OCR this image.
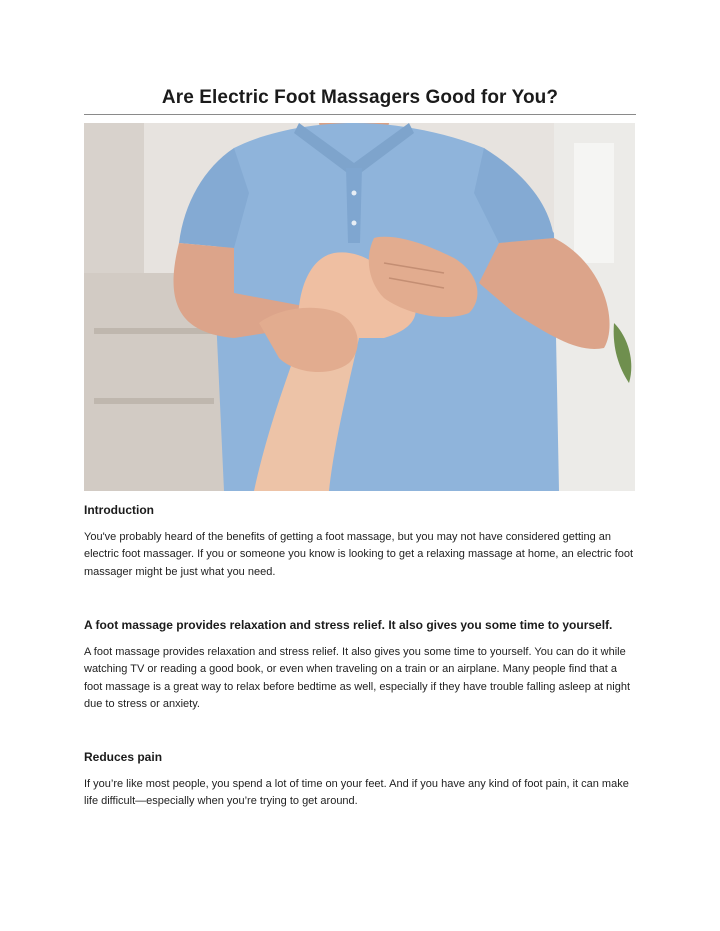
Are Electric Foot Massagers Good for You?
Introduction
You've probably heard of the benefits of getting a foot massage, but you may not have considered getting an electric foot massager. If you or someone you know is looking to get a relaxing massage at home, an electric foot massager might be just what you need.
A foot massage provides relaxation and stress relief. It also gives you some time to yourself.
A foot massage provides relaxation and stress relief. It also gives you some time to yourself. You can do it while watching TV or reading a good book, or even when traveling on a train or an airplane. Many people find that a foot massage is a great way to relax before bedtime as well, especially if they have trouble falling asleep at night due to stress or anxiety.
Reduces pain
If you’re like most people, you spend a lot of time on your feet. And if you have any kind of foot pain, it can make life difficult—especially when you’re trying to get around.
